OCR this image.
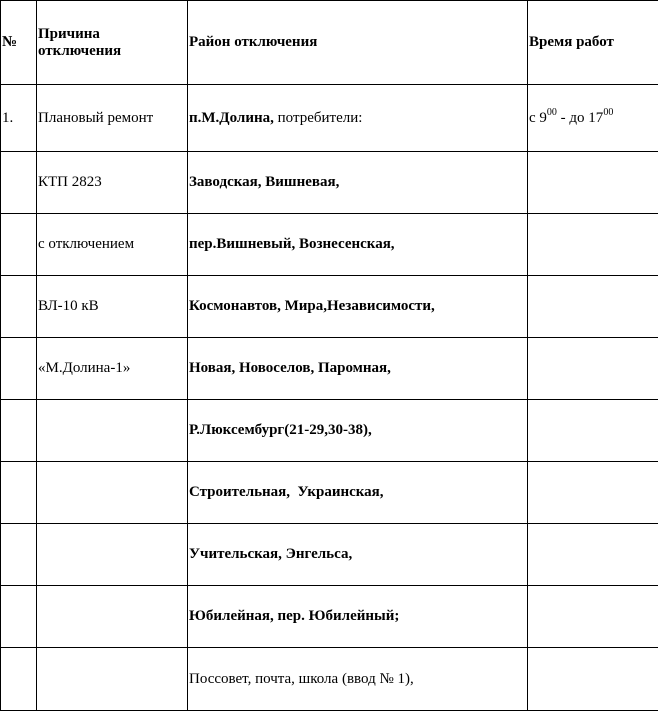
№	Причина отключения	Район отключения	Время работ
1.	Плановый ремонт	п.М.Долина, потребители:	с $9^{00}$ - до $17^{00}$
	КТП 2823	Заводская, Вишневая,	
	с отключением	пер.Вишневый, Вознесенская,	
	ВЛ-10 кВ	Космонавтов, Мира,Независимости,	
	«М.Долина-1»	Новая, Новоселов, Паромная,	
		Р.Люксембург(21-29,30-38),	
		Строительная,  Украинская,	
		Учительская, Энгельса,	
		Юбилейная, пер. Юбилейный;	
		Поссовет, почта, школа (ввод № 1),	
